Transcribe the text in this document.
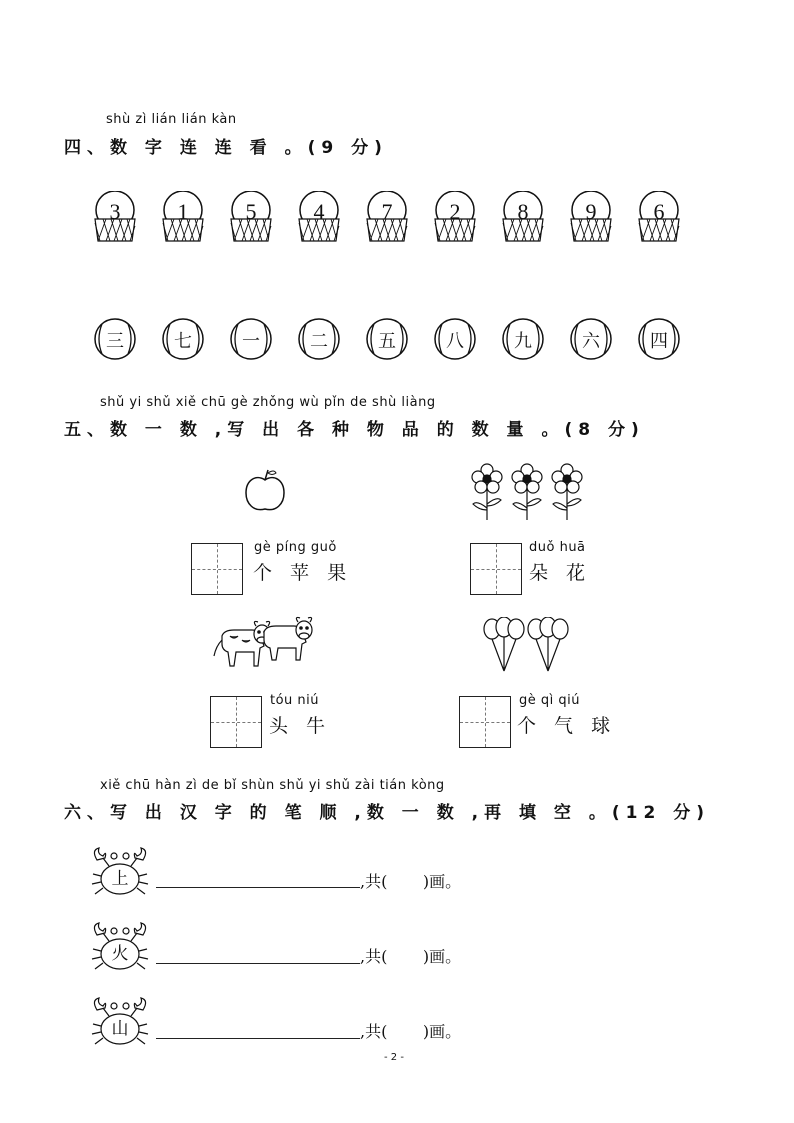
shù zì lián lián kàn
四、数 字 连 连 看 。(9 分)
3	1	5	4	7	2	8	9	6
三	七	一	二	五	八	九	六	四
shǔ yi shǔ xiě chū gè zhǒng wù pǐn de shù liàng
五、数 一 数 ,写 出 各 种 物 品 的 数 量 。(8 分)
gè píng guǒ
个 苹 果
duǒ huā
朵 花
tóu niú
头 牛
gè qì qiú
个 气 球
xiě chū hàn zì de bǐ shùn shǔ yi shǔ zài tián kòng
六、写 出 汉 字 的 笔 顺 ,数 一 数 ,再 填 空 。(12 分)
上	,共(       )画。
火	,共(       )画。
山	,共(       )画。
- 2 -
